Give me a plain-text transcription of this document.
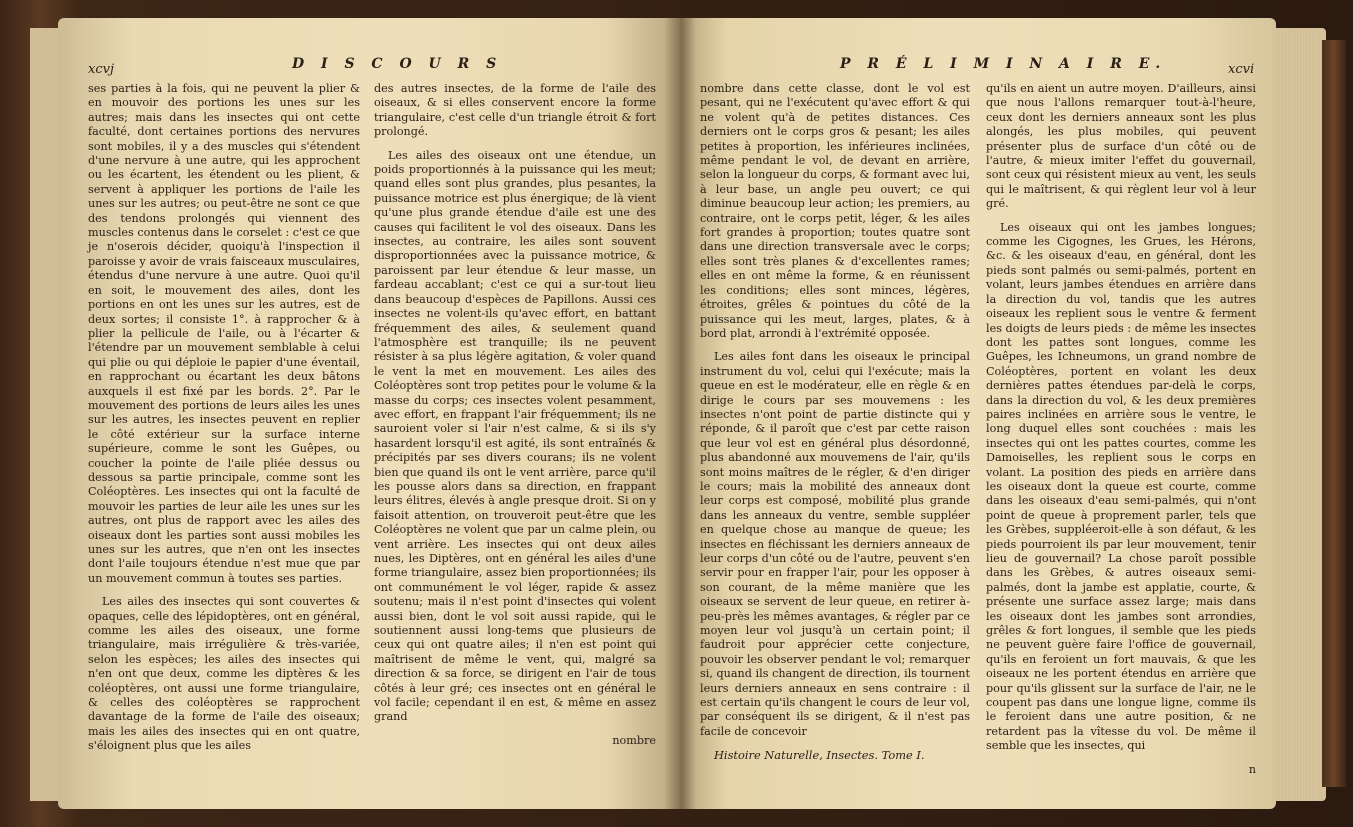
xcvj	D I S C O U R S

ses parties à la fois, qui ne peuvent la plier & en mouvoir des portions les unes sur les autres; mais dans les insectes qui ont cette faculté, dont certaines portions des nervures sont mobiles, il y a des muscles qui s'étendent d'une nervure à une autre, qui les approchent ou les écartent, les étendent ou les plient, & servent à appliquer les portions de l'aile les unes sur les autres; ou peut-être ne sont ce que des tendons prolongés qui viennent des muscles contenus dans le corselet : c'est ce que je n'oserois décider, quoiqu'à l'inspection il paroisse y avoir de vrais faisceaux musculaires, étendus d'une nervure à une autre. Quoi qu'il en soit, le mouvement des ailes, dont les portions en ont les unes sur les autres, est de deux sortes; il consiste 1°. à rapprocher & à plier la pellicule de l'aile, ou à l'écarter & l'étendre par un mouvement semblable à celui qui plie ou qui déploie le papier d'une éventail, en rapprochant ou écartant les deux bâtons auxquels il est fixé par les bords. 2°. Par le mouvement des portions de leurs ailes les unes sur les autres, les insectes peuvent en replier le côté extérieur sur la surface interne supérieure, comme le sont les Guêpes, ou coucher la pointe de l'aile pliée dessus ou dessous sa partie principale, comme sont les Coléoptères. Les insectes qui ont la faculté de mouvoir les parties de leur aile les unes sur les autres, ont plus de rapport avec les ailes des oiseaux dont les parties sont aussi mobiles les unes sur les autres, que n'en ont les insectes dont l'aile toujours étendue n'est mue que par un mouvement commun à toutes ses parties.

Les ailes des insectes qui sont couvertes & opaques, celle des lépidoptères, ont en général, comme les ailes des oiseaux, une forme triangulaire, mais irrégulière & très-variée, selon les espèces; les ailes des insectes qui n'en ont que deux, comme les diptères & les coléoptères, ont aussi une forme triangulaire, & celles des coléoptères se rapprochent davantage de la forme de l'aile des oiseaux; mais les ailes des insectes qui en ont quatre, s'éloignent plus que les ailes

des autres insectes, de la forme de l'aile des oiseaux, & si elles conservent encore la forme triangulaire, c'est celle d'un triangle étroit & fort prolongé.

Les ailes des oiseaux ont une étendue, un poids proportionnés à la puissance qui les meut; quand elles sont plus grandes, plus pesantes, la puissance motrice est plus énergique; de là vient qu'une plus grande étendue d'aile est une des causes qui facilitent le vol des oiseaux. Dans les insectes, au contraire, les ailes sont souvent disproportionnées avec la puissance motrice, & paroissent par leur étendue & leur masse, un fardeau accablant; c'est ce qui a sur-tout lieu dans beaucoup d'espèces de Papillons. Aussi ces insectes ne volent-ils qu'avec effort, en battant fréquemment des ailes, & seulement quand l'atmosphère est tranquille; ils ne peuvent résister à sa plus légère agitation, & voler quand le vent la met en mouvement. Les ailes des Coléoptères sont trop petites pour le volume & la masse du corps; ces insectes volent pesamment, avec effort, en frappant l'air fréquemment; ils ne sauroient voler si l'air n'est calme, & si ils s'y hasardent lorsqu'il est agité, ils sont entraînés & précipités par ses divers courans; ils ne volent bien que quand ils ont le vent arrière, parce qu'il les pousse alors dans sa direction, en frappant leurs élitres, élevés à angle presque droit. Si on y faisoit attention, on trouveroit peut-être que les Coléoptères ne volent que par un calme plein, ou vent arrière. Les insectes qui ont deux ailes nues, les Diptères, ont en général les ailes d'une forme triangulaire, assez bien proportionnées; ils ont communément le vol léger, rapide & assez soutenu; mais il n'est point d'insectes qui volent aussi bien, dont le vol soit aussi rapide, qui le soutiennent aussi long-tems que plusieurs de ceux qui ont quatre ailes; il n'en est point qui maîtrisent de même le vent, qui, malgré sa direction & sa force, se dirigent en l'air de tous côtés à leur gré; ces insectes ont en général le vol facile; cependant il en est, & même en assez grand

nombre

P R É L I M I N A I R E.	xcvi

nombre dans cette classe, dont le vol est pesant, qui ne l'exécutent qu'avec effort & qui ne volent qu'à de petites distances. Ces derniers ont le corps gros & pesant; les ailes petites à proportion, les inférieures inclinées, même pendant le vol, de devant en arrière, selon la longueur du corps, & formant avec lui, à leur base, un angle peu ouvert; ce qui diminue beaucoup leur action; les premiers, au contraire, ont le corps petit, léger, & les ailes fort grandes à proportion; toutes quatre sont dans une direction transversale avec le corps; elles sont très planes & d'excellentes rames; elles en ont même la forme, & en réunissent les conditions; elles sont minces, légères, étroites, grêles & pointues du côté de la puissance qui les meut, larges, plates, & à bord plat, arrondi à l'extrémité opposée.

Les ailes font dans les oiseaux le principal instrument du vol, celui qui l'exécute; mais la queue en est le modérateur, elle en règle & en dirige le cours par ses mouvemens : les insectes n'ont point de partie distincte qui y réponde, & il paroît que c'est par cette raison que leur vol est en général plus désordonné, plus abandonné aux mouvemens de l'air, qu'ils sont moins maîtres de le régler, & d'en diriger le cours; mais la mobilité des anneaux dont leur corps est composé, mobilité plus grande dans les anneaux du ventre, semble suppléer en quelque chose au manque de queue; les insectes en fléchissant les derniers anneaux de leur corps d'un côté ou de l'autre, peuvent s'en servir pour en frapper l'air, pour les opposer à son courant, de la même manière que les oiseaux se servent de leur queue, en retirer à-peu-près les mêmes avantages, & régler par ce moyen leur vol jusqu'à un certain point; il faudroit pour apprécier cette conjecture, pouvoir les observer pendant le vol; remarquer si, quand ils changent de direction, ils tournent leurs derniers anneaux en sens contraire : il est certain qu'ils changent le cours de leur vol, par conséquent ils se dirigent, & il n'est pas facile de concevoir

Histoire Naturelle, Insectes. Tome I.

qu'ils en aient un autre moyen. D'ailleurs, ainsi que nous l'allons remarquer tout-à-l'heure, ceux dont les derniers anneaux sont les plus alongés, les plus mobiles, qui peuvent présenter plus de surface d'un côté ou de l'autre, & mieux imiter l'effet du gouvernail, sont ceux qui résistent mieux au vent, les seuls qui le maîtrisent, & qui règlent leur vol à leur gré.

Les oiseaux qui ont les jambes longues; comme les Cigognes, les Grues, les Hérons, &c. & les oiseaux d'eau, en général, dont les pieds sont palmés ou semi-palmés, portent en volant, leurs jambes étendues en arrière dans la direction du vol, tandis que les autres oiseaux les replient sous le ventre & ferment les doigts de leurs pieds : de même les insectes dont les pattes sont longues, comme les Guêpes, les Ichneumons, un grand nombre de Coléoptères, portent en volant les deux dernières pattes étendues par-delà le corps, dans la direction du vol, & les deux premières paires inclinées en arrière sous le ventre, le long duquel elles sont couchées : mais les insectes qui ont les pattes courtes, comme les Damoiselles, les replient sous le corps en volant. La position des pieds en arrière dans les oiseaux dont la queue est courte, comme dans les oiseaux d'eau semi-palmés, qui n'ont point de queue à proprement parler, tels que les Grèbes, suppléeroit-elle à son défaut, & les pieds pourroient ils par leur mouvement, tenir lieu de gouvernail? La chose paroît possible dans les Grèbes, & autres oiseaux semi-palmés, dont la jambe est applatie, courte, & présente une surface assez large; mais dans les oiseaux dont les jambes sont arrondies, grêles & fort longues, il semble que les pieds ne peuvent guère faire l'office de gouvernail, qu'ils en feroient un fort mauvais, & que les oiseaux ne les portent étendus en arrière que pour qu'ils glissent sur la surface de l'air, ne le coupent pas dans une longue ligne, comme ils le feroient dans une autre position, & ne retardent pas la vîtesse du vol. De même il semble que les insectes, qui

n
